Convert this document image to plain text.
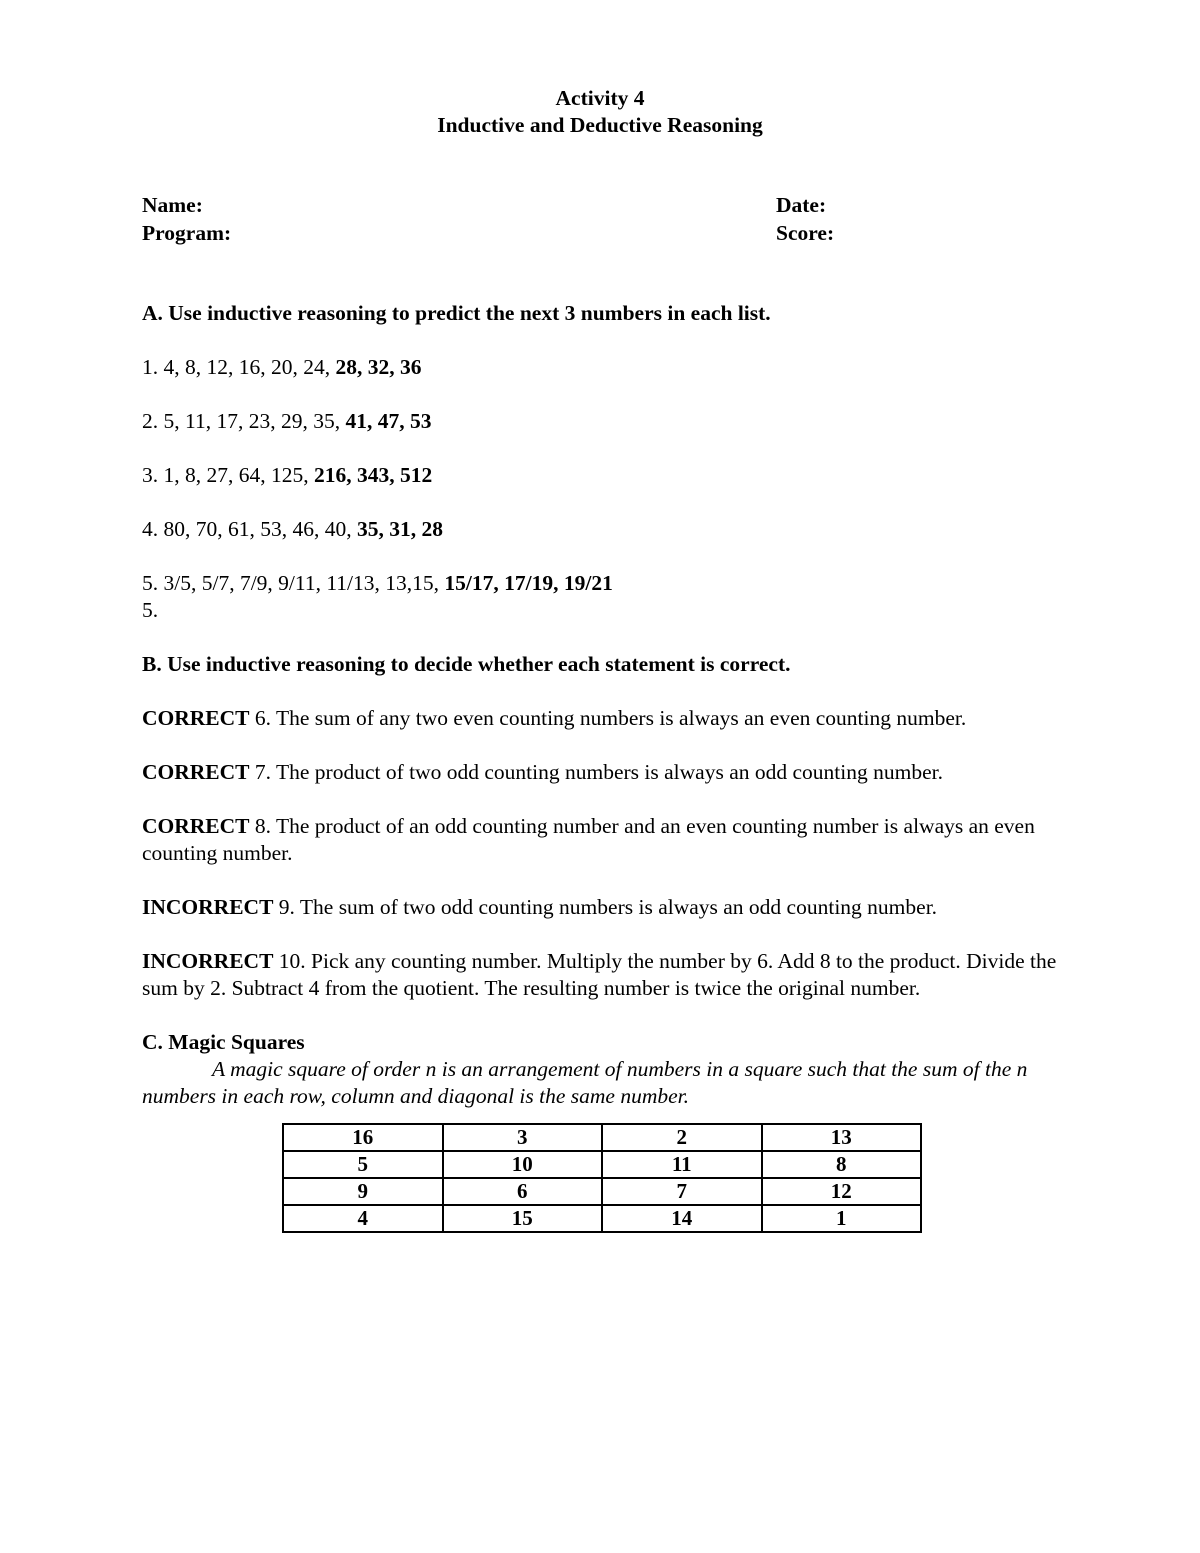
Activity 4
Inductive and Deductive Reasoning
Name:	Date:
Program:	Score:

A. Use inductive reasoning to predict the next 3 numbers in each list.

1. 4, 8, 12, 16, 20, 24, 28, 32, 36

2. 5, 11, 17, 23, 29, 35, 41, 47, 53

3. 1, 8, 27, 64, 125, 216, 343, 512

4. 80, 70, 61, 53, 46, 40, 35, 31, 28

5. 3/5, 5/7, 7/9, 9/11, 11/13, 13,15, 15/17, 17/19, 19/21

5.

B. Use inductive reasoning to decide whether each statement is correct.

CORRECT 6. The sum of any two even counting numbers is always an even counting number.

CORRECT 7. The product of two odd counting numbers is always an odd counting number.

CORRECT 8. The product of an odd counting number and an even counting number is always an even counting number.

INCORRECT 9. The sum of two odd counting numbers is always an odd counting number.

INCORRECT 10. Pick any counting number. Multiply the number by 6. Add 8 to the product. Divide the sum by 2. Subtract 4 from the quotient. The resulting number is twice the original number.

C. Magic Squares

A magic square of order n is an arrangement of numbers in a square such that the sum of the n numbers in each row, column and diagonal is the same number.

16	3	2	13
5	10	11	8
9	6	7	12
4	15	14	1
